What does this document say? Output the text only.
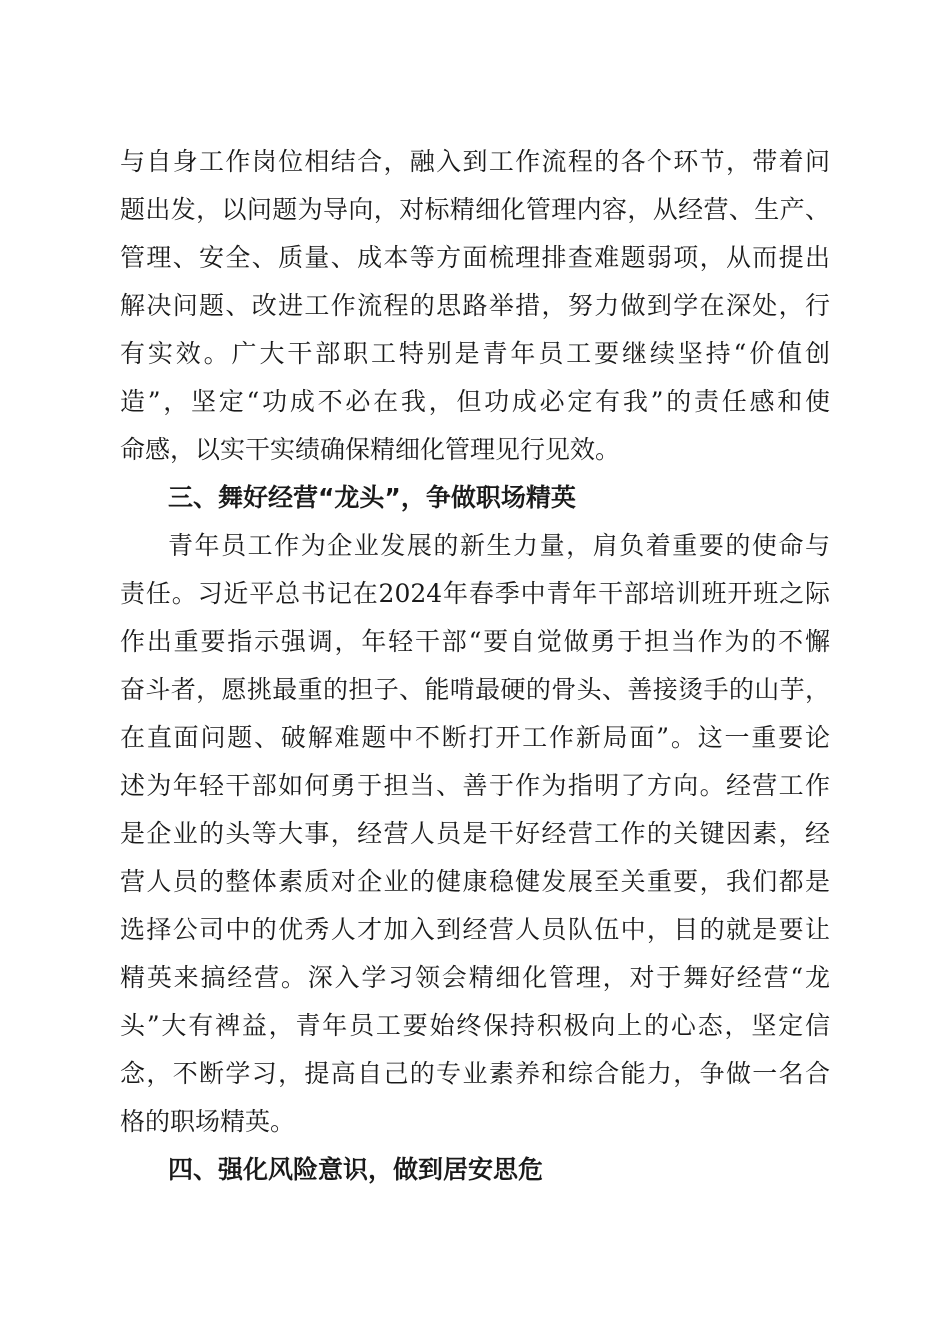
与自身工作岗位相结合，融入到工作流程的各个环节，带着问
题出发，以问题为导向，对标精细化管理内容，从经营、生产、
管理、安全、质量、成本等方面梳理排查难题弱项，从而提出
解决问题、改进工作流程的思路举措，努力做到学在深处，行
有实效。广大干部职工特别是青年员工要继续坚持“价值创
造”，坚定“功成不必在我，但功成必定有我”的责任感和使
命感，以实干实绩确保精细化管理见行见效。
三、舞好经营“龙头”，争做职场精英
青年员工作为企业发展的新生力量，肩负着重要的使命与
责任。习近平总书记在2024年春季中青年干部培训班开班之际
作出重要指示强调，年轻干部“要自觉做勇于担当作为的不懈
奋斗者，愿挑最重的担子、能啃最硬的骨头、善接烫手的山芋，
在直面问题、破解难题中不断打开工作新局面”。这一重要论
述为年轻干部如何勇于担当、善于作为指明了方向。经营工作
是企业的头等大事，经营人员是干好经营工作的关键因素，经
营人员的整体素质对企业的健康稳健发展至关重要，我们都是
选择公司中的优秀人才加入到经营人员队伍中，目的就是要让
精英来搞经营。深入学习领会精细化管理，对于舞好经营“龙
头”大有裨益，青年员工要始终保持积极向上的心态，坚定信
念，不断学习，提高自己的专业素养和综合能力，争做一名合
格的职场精英。
四、强化风险意识，做到居安思危
